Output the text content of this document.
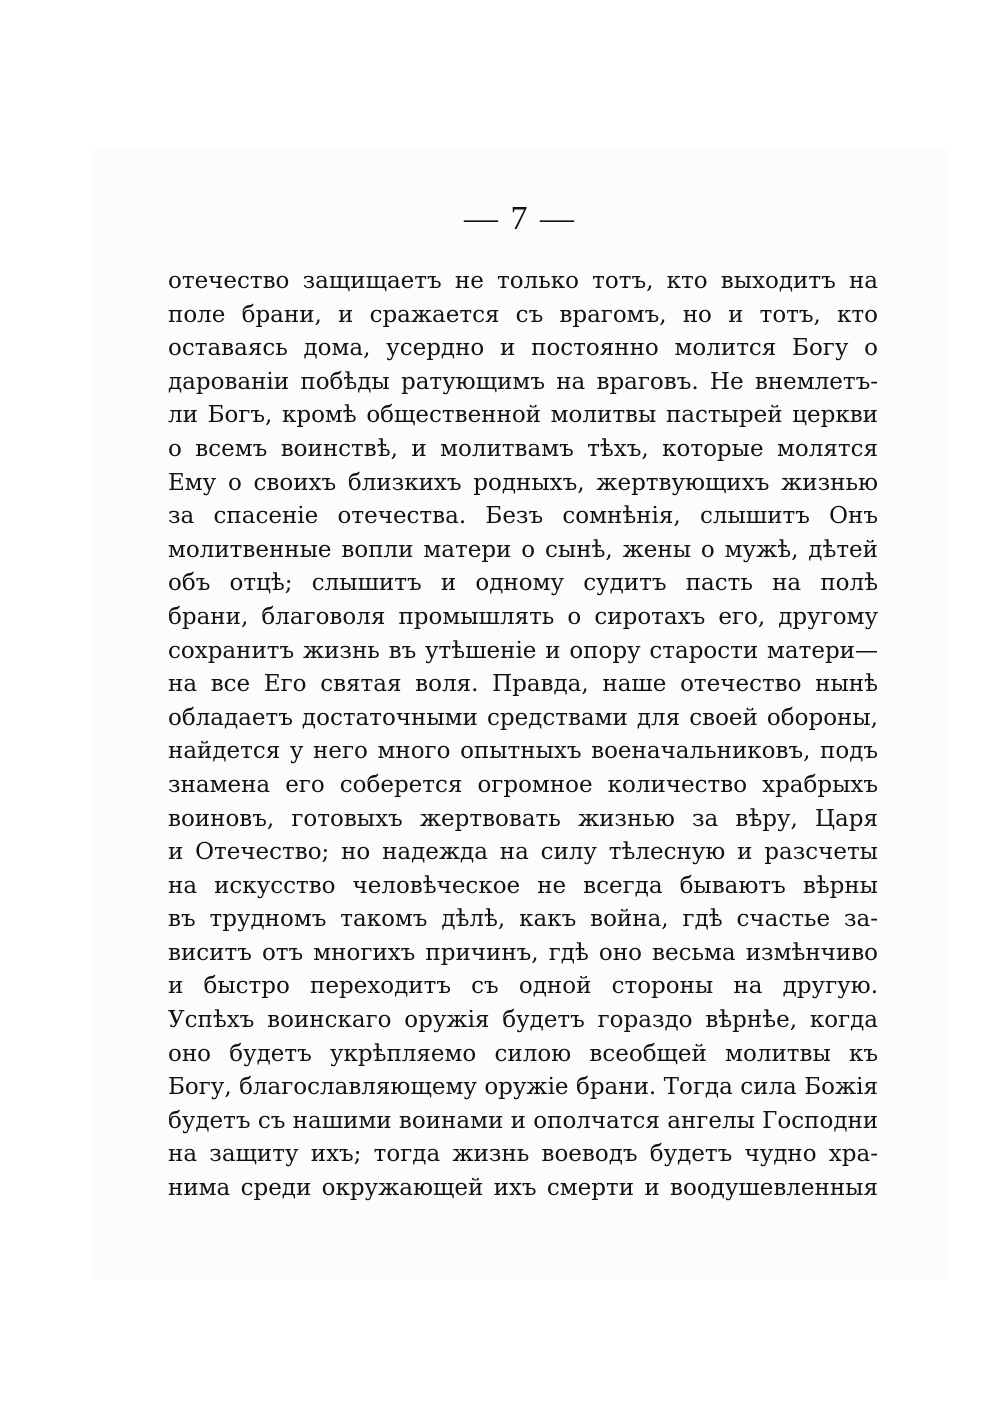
— 7 —
отечество защищаетъ не только тотъ, кто выходитъ на
поле брани, и сражается съ врагомъ, но и тотъ, кто
оставаясь дома, усердно и постоянно молится Богу о
дарованіи побѣды ратующимъ на враговъ. Не внемлетъ-
ли Богъ, кромѣ общественной молитвы пастырей церкви
о всемъ воинствѣ, и молитвамъ тѣхъ, которые молятся
Ему о своихъ близкихъ родныхъ, жертвующихъ жизнью
за спасеніе отечества. Безъ сомнѣнія, слышитъ Онъ
молитвенные вопли матери о сынѣ, жены о мужѣ, дѣтей
объ отцѣ; слышитъ и одному судитъ пасть на полѣ
брани, благоволя промышлять о сиротахъ его, другому
сохранитъ жизнь въ утѣшеніе и опору старости матери—
на все Его святая воля. Правда, наше отечество нынѣ
обладаетъ достаточными средствами для своей обороны,
найдется у него много опытныхъ военачальниковъ, подъ
знамена его соберется огромное количество храбрыхъ
воиновъ, готовыхъ жертвовать жизнью за вѣру, Царя
и Отечество; но надежда на силу тѣлесную и разсчеты
на искусство человѣческое не всегда бываютъ вѣрны
въ трудномъ такомъ дѣлѣ, какъ война, гдѣ счастье за-
виситъ отъ многихъ причинъ, гдѣ оно весьма измѣнчиво
и быстро переходитъ съ одной стороны на другую.
Успѣхъ воинскаго оружія будетъ гораздо вѣрнѣе, когда
оно будетъ укрѣпляемо силою всеобщей молитвы къ
Богу, благославляющему оружіе брани. Тогда сила Божія
будетъ съ нашими воинами и ополчатся ангелы Господни
на защиту ихъ; тогда жизнь воеводъ будетъ чудно хра-
нима среди окружающей ихъ смерти и воодушевленныя
